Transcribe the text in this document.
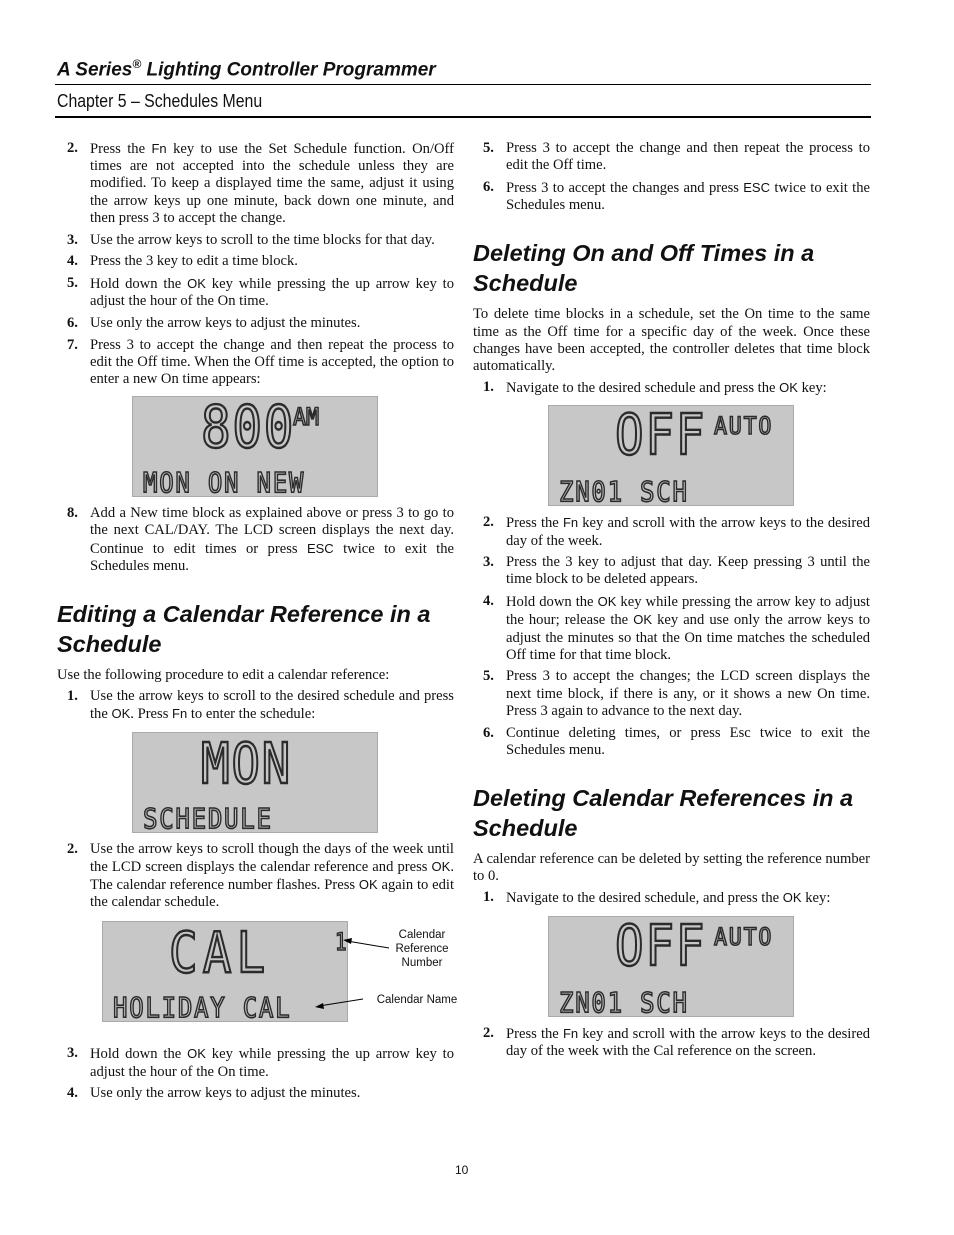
A Series® Lighting Controller Programmer
Chapter 5 – Schedules Menu
2. Press the Fn key to use the Set Schedule function. On/Off times are not accepted into the schedule unless they are modified. To keep a displayed time the same, adjust it using the arrow keys up one minute, back down one minute, and then press 3 to accept the change.
3. Use the arrow keys to scroll to the time blocks for that day.
4. Press the 3 key to edit a time block.
5. Hold down the OK key while pressing the up arrow key to adjust the hour of the On time.
6. Use only the arrow keys to adjust the minutes.
7. Press 3 to accept the change and then repeat the process to edit the Off time. When the Off time is accepted, the option to enter a new On time appears:
800
AM
MON ON NEW
8. Add a New time block as explained above or press 3 to go to the next CAL/DAY. The LCD screen displays the next day. Continue to edit times or press ESC twice to exit the Schedules menu.
Editing a Calendar Reference in a Schedule

Use the following procedure to edit a calendar reference:

1. Use the arrow keys to scroll to the desired schedule and press the OK. Press Fn to enter the schedule:
MON
SCHEDULE
2. Use the arrow keys to scroll though the days of the week until the LCD screen displays the calendar reference and press OK. The calendar reference number flashes. Press OK again to edit the calendar schedule.
CAL	1
HOLIDAY CAL
Calendar
Reference
Number
Calendar Name
3. Hold down the OK key while pressing the up arrow key to adjust the hour of the On time.
4. Use only the arrow keys to adjust the minutes.
5. Press 3 to accept the change and then repeat the process to edit the Off time.
6. Press 3 to accept the changes and press ESC twice to exit the Schedules menu.
Deleting On and Off Times in a Schedule

To delete time blocks in a schedule, set the On time to the same time as the Off time for a specific day of the week. Once these changes have been accepted, the controller deletes that time block automatically.

1. Navigate to the desired schedule and press the OK key:
OFF AUTO
ZN01 SCH
2. Press the Fn key and scroll with the arrow keys to the desired day of the week.
3. Press the 3 key to adjust that day. Keep pressing 3 until the time block to be deleted appears.
4. Hold down the OK key while pressing the arrow key to adjust the hour; release the OK key and use only the arrow keys to adjust the minutes so that the On time matches the scheduled Off time for that time block.
5. Press 3 to accept the changes; the LCD screen displays the next time block, if there is any, or it shows a new On time. Press 3 again to advance to the next day.
6. Continue deleting times, or press Esc twice to exit the Schedules menu.
Deleting Calendar References in a Schedule

A calendar reference can be deleted by setting the reference number to 0.

1. Navigate to the desired schedule, and press the OK key:
OFF AUTO
ZN01 SCH
2. Press the Fn key and scroll with the arrow keys to the desired day of the week with the Cal reference on the screen.
10
